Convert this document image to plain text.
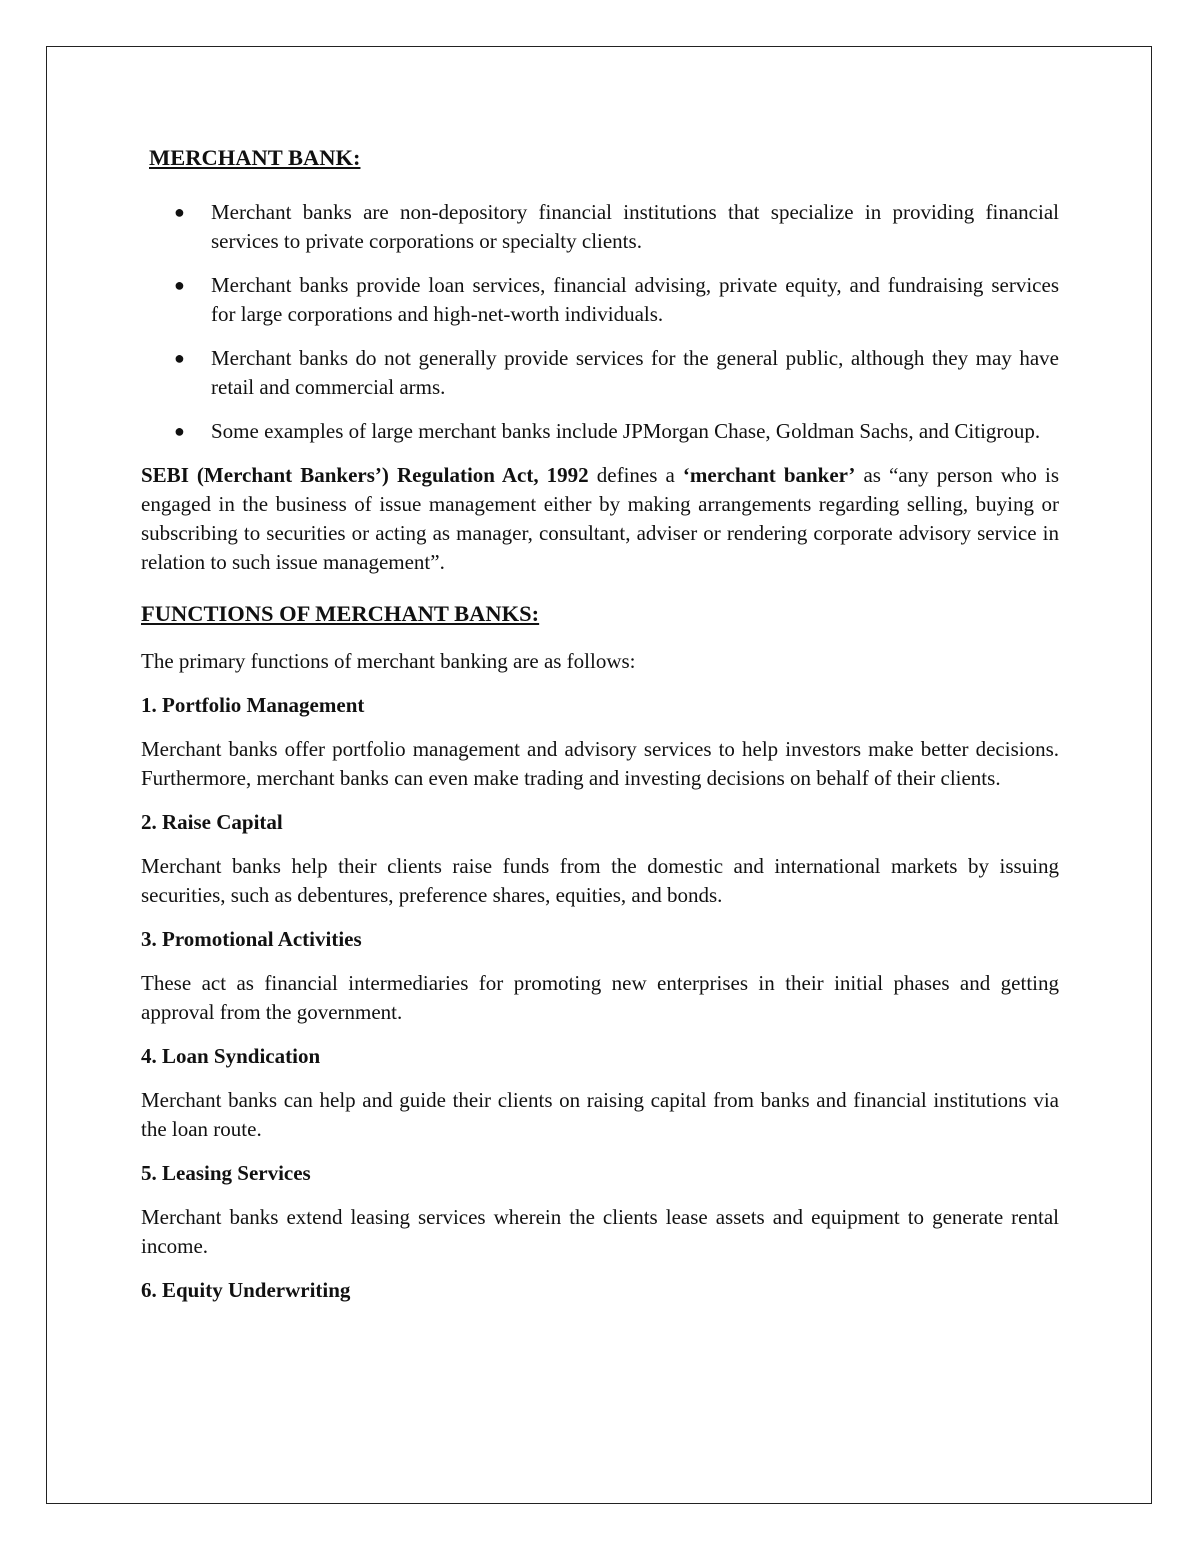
MERCHANT BANK:
● Merchant banks are non-depository financial institutions that specialize in providing financial services to private corporations or specialty clients.
● Merchant banks provide loan services, financial advising, private equity, and fundraising services for large corporations and high-net-worth individuals.
● Merchant banks do not generally provide services for the general public, although they may have retail and commercial arms.
● Some examples of large merchant banks include JPMorgan Chase, Goldman Sachs, and Citigroup.

SEBI (Merchant Bankers’) Regulation Act, 1992 defines a ‘merchant banker’ as “any person who is engaged in the business of issue management either by making arrangements regarding selling, buying or subscribing to securities or acting as manager, consultant, adviser or rendering corporate advisory service in relation to such issue management”.

FUNCTIONS OF MERCHANT BANKS:

The primary functions of merchant banking are as follows:

1. Portfolio Management

Merchant banks offer portfolio management and advisory services to help investors make better decisions. Furthermore, merchant banks can even make trading and investing decisions on behalf of their clients.

2. Raise Capital

Merchant banks help their clients raise funds from the domestic and international markets by issuing securities, such as debentures, preference shares, equities, and bonds.

3. Promotional Activities

These act as financial intermediaries for promoting new enterprises in their initial phases and getting approval from the government.

4. Loan Syndication

Merchant banks can help and guide their clients on raising capital from banks and financial institutions via the loan route.

5. Leasing Services

Merchant banks extend leasing services wherein the clients lease assets and equipment to generate rental income.

6. Equity Underwriting
